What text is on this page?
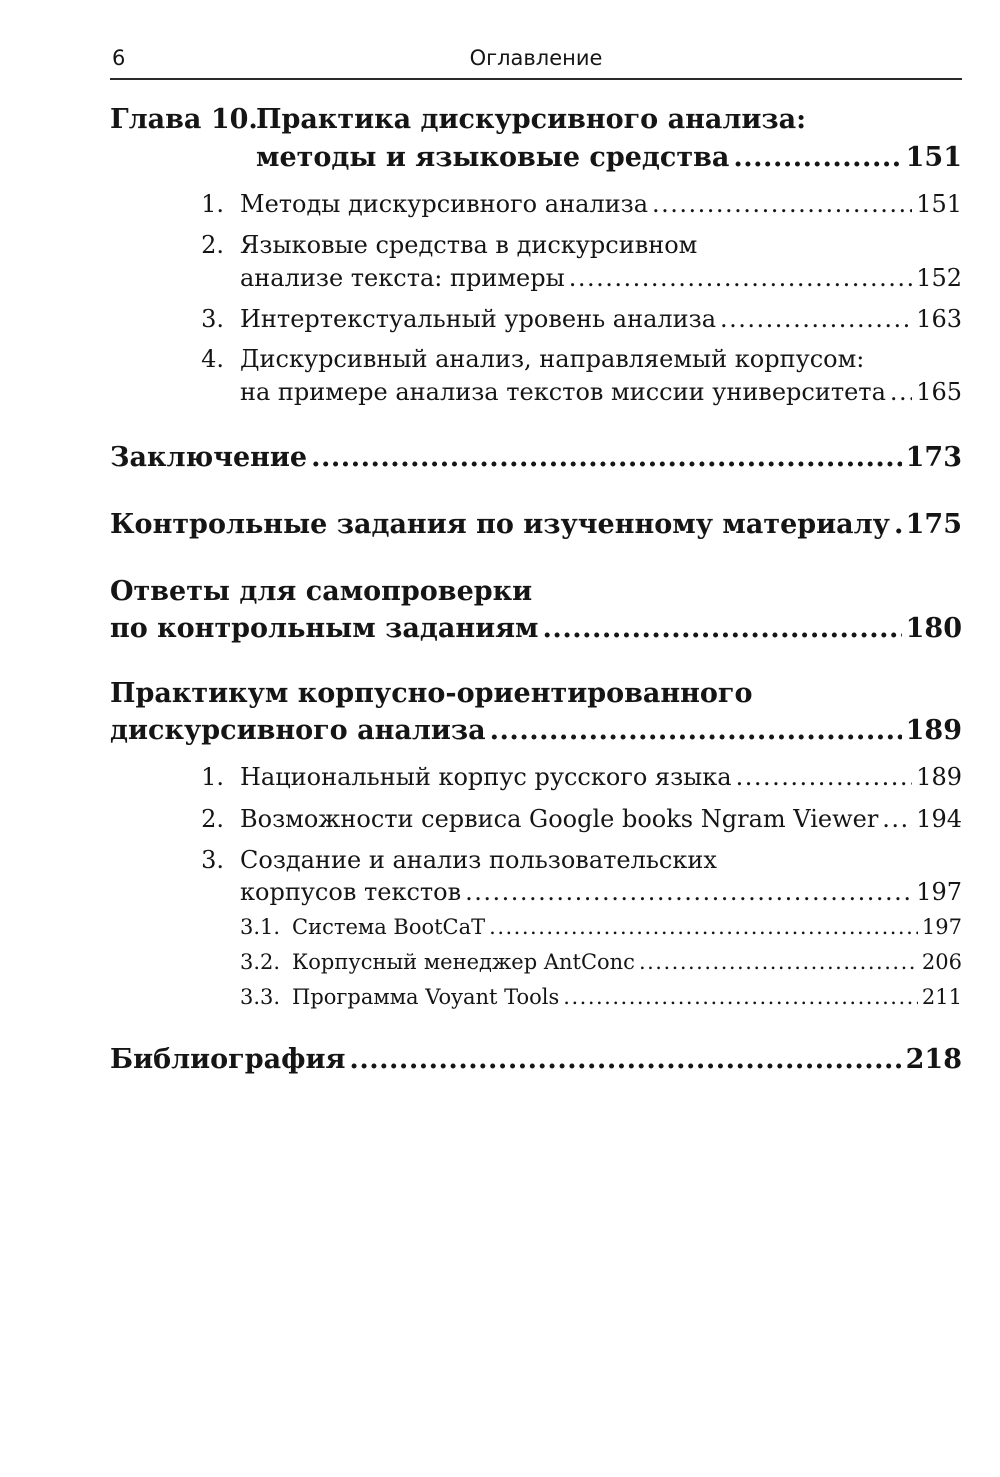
6	Оглавление
Глава 10.
Практика дискурсивного анализа:
методы и языковые средства .....	151
1. Методы дискурсивного анализа .....	151
2. Языковые средства в дискурсивном
анализе текста: примеры .....	152
3. Интертекстуальный уровень анализа .....	163
4. Дискурсивный анализ, направляемый корпусом:
на примере анализа текстов миссии университета ..... 165
Заключение .....	173
Контрольные задания по изученному материалу ..... 175
Ответы для самопроверки
по контрольным заданиям .....	180
Практикум корпусно-ориентированного
дискурсивного анализа .....	189
1. Национальный корпус русского языка .....	189
2. Возможности сервиса Google books Ngram Viewer ..... 194
3. Создание и анализ пользовательских
корпусов текстов .....	197
3.1. Система BootCaT .....	197
3.2. Корпусный менеджер AntConc .....	206
3.3. Программа Voyant Tools .....	211
Библиография .....	218
